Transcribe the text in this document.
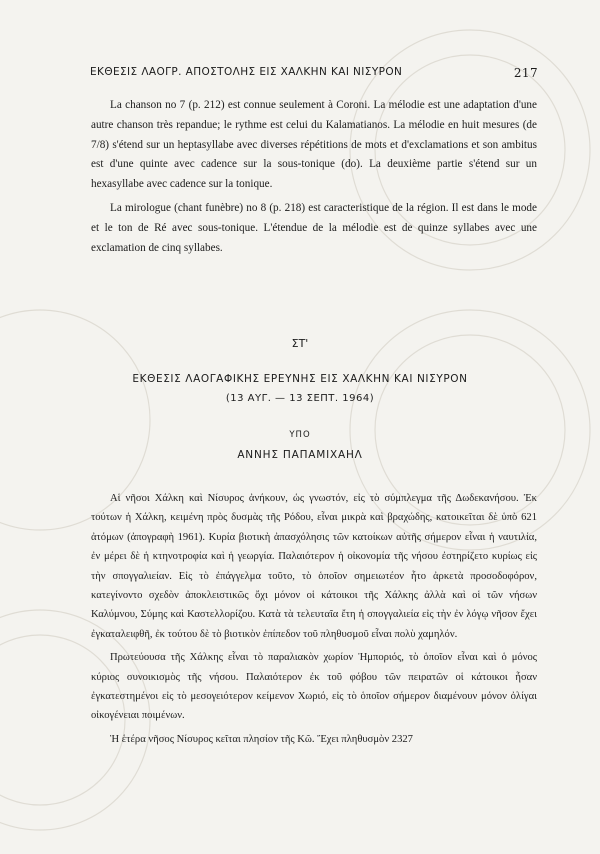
ΕΚΘΕΣΙΣ ΛΑΟΓΡ. ΑΠΟΣΤΟΛΗΣ ΕΙΣ ΧΑΛΚΗΝ ΚΑΙ ΝΙΣΥΡΟΝ	217

La chanson no 7 (p. 212) est connue seulement à Coroni. La mélodie est une adaptation d'une autre chanson très repandue; le rythme est celui du Kalamatianos. La mélodie en huit mesures (de 7/8) s'étend sur un heptasyllabe avec diverses répétitions de mots et d'exclamations et son ambitus est d'une quinte avec cadence sur la sous-tonique (do). La deuxième partie s'étend sur un hexasyllabe avec cadence sur la tonique.

La mirologue (chant funèbre) no 8 (p. 218) est caracteristique de la région. Il est dans le mode et le ton de Ré avec sous-tonique. L'étendue de la mélodie est de quinze syllabes avec une exclamation de cinq syllabes.

ΣΤ'
ΕΚΘΕΣΙΣ ΛΑΟΓΑΦΙΚΗΣ ΕΡΕΥΝΗΣ ΕΙΣ ΧΑΛΚΗΝ ΚΑΙ ΝΙΣΥΡΟΝ
(13 ΑΥΓ. — 13 ΣΕΠΤ. 1964)
ΥΠΟ
ΑΝΝΗΣ ΠΑΠΑΜΙΧΑΗΛ

Αἱ νῆσοι Χάλκη καὶ Νίσυρος ἀνήκουν, ὡς γνωστόν, εἰς τὸ σύμπλεγμα τῆς Δωδεκανήσου. Ἐκ τούτων ἡ Χάλκη, κειμένη πρὸς δυσμὰς τῆς Ρόδου, εἶναι μικρὰ καὶ βραχώδης, κατοικεῖται δὲ ὑπὸ 621 ἀτόμων (ἀπογραφὴ 1961). Κυρία βιοτικὴ ἀπασχόλησις τῶν κατοίκων αὐτῆς σήμερον εἶναι ἡ ναυτιλία, ἐν μέρει δὲ ἡ κτηνοτροφία καὶ ἡ γεωργία. Παλαιότερον ἡ οἰκονομία τῆς νήσου ἐστηρίζετο κυρίως εἰς τὴν σπογγαλιείαν. Εἰς τὸ ἐπάγγελμα τοῦτο, τὸ ὁποῖον σημειωτέον ἦτο ἀρκετὰ προσοδοφόρον, κατεγίνοντο σχεδὸν ἀποκλειστικῶς ὄχι μόνον οἱ κάτοικοι τῆς Χάλκης ἀλλὰ καὶ οἱ τῶν νήσων Καλύμνου, Σύμης καὶ Καστελλορίζου. Κατὰ τὰ τελευταῖα ἔτη ἡ σπογγαλιεία εἰς τὴν ἐν λόγῳ νῆσον ἔχει ἐγκαταλειφθῆ, ἐκ τούτου δὲ τὸ βιοτικὸν ἐπίπεδον τοῦ πληθυσμοῦ εἶναι πολὺ χαμηλόν.

Πρωτεύουσα τῆς Χάλκης εἶναι τὸ παραλιακὸν χωρίον Ἠμποριός, τὸ ὁποῖον εἶναι καὶ ὁ μόνος κύριος συνοικισμὸς τῆς νήσου. Παλαιότερον ἐκ τοῦ φόβου τῶν πειρατῶν οἱ κάτοικοι ἦσαν ἐγκατεστημένοι εἰς τὸ μεσογειότερον κείμενον Χωριό, εἰς τὸ ὁποῖον σήμερον διαμένουν μόνον ὀλίγαι οἰκογένειαι ποιμένων.

Ἡ ἑτέρα νῆσος Νίσυρος κεῖται πλησίον τῆς Κῶ. Ἔχει πληθυσμὸν 2327
